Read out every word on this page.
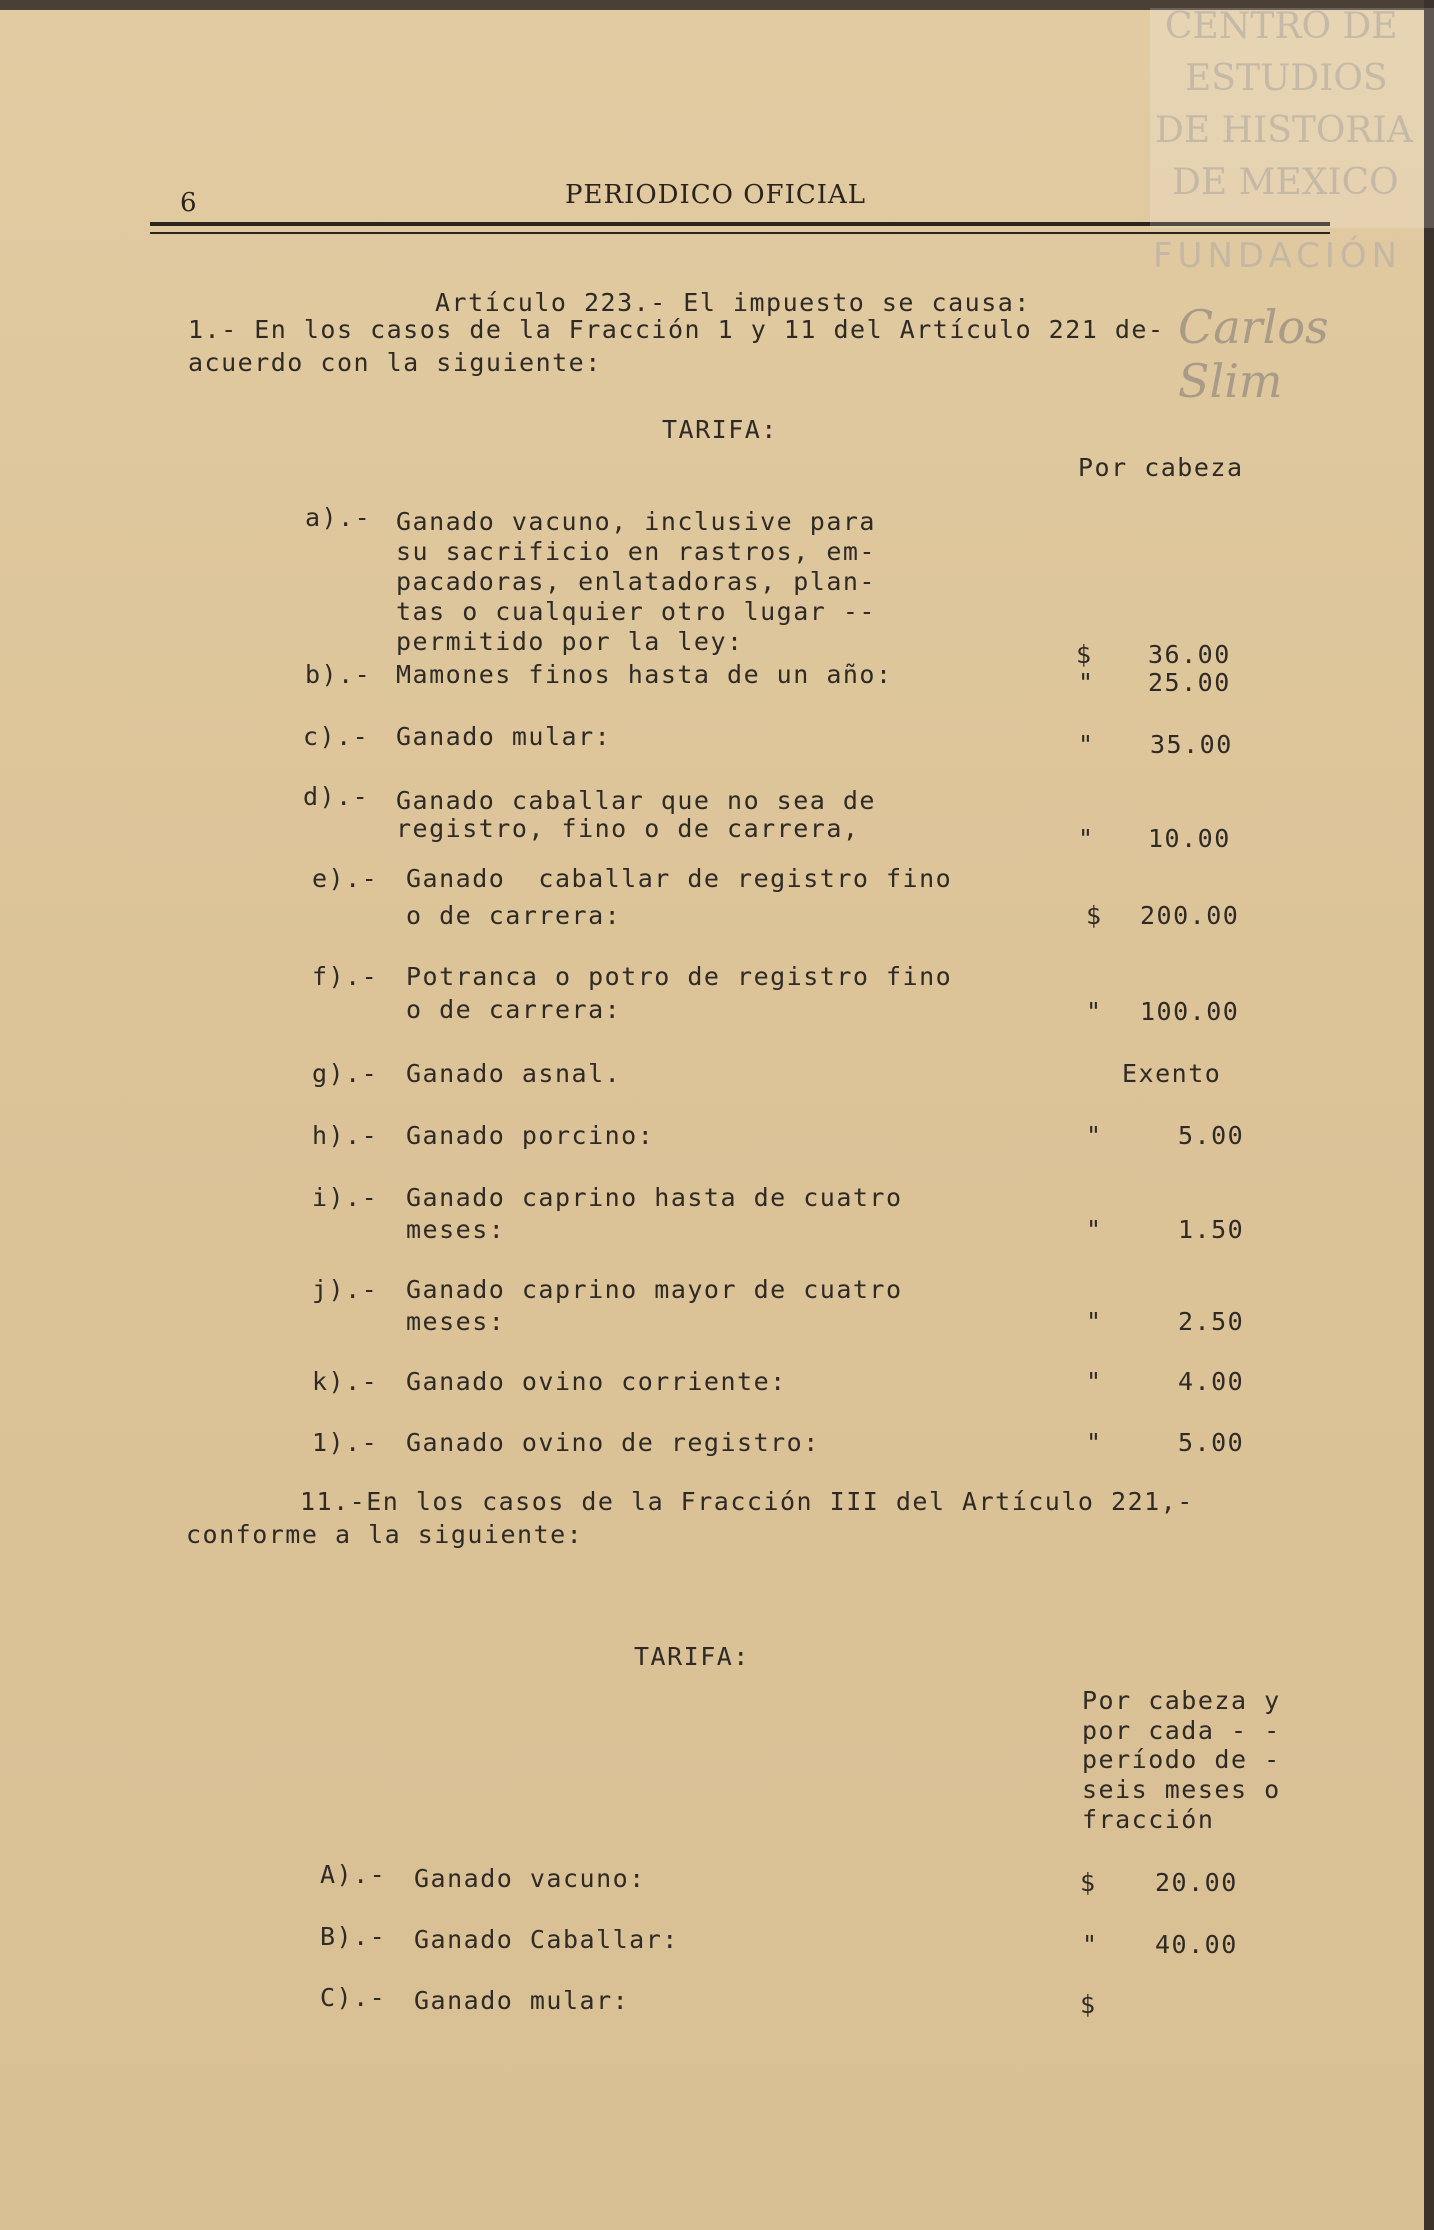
6	PERIODICO OFICIAL
CENTRO DE
ESTUDIOS
DE HISTORIA
DE MEXICO
FUNDACIÓN
Carlos Slim
Artículo 223.- El impuesto se causa:
1.- En los casos de la Fracción 1 y 11 del Artículo 221 de-
acuerdo con la siguiente:
TARIFA:
Por cabeza
a).- Ganado vacuno, inclusive para
su sacrificio en rastros, em-
pacadoras, enlatadoras, plan-
tas o cualquier otro lugar --
permitido por la ley:	$ 36.00
b).- Mamones finos hasta de un año:	" 25.00
c).- Ganado mular:	" 35.00
d).- Ganado caballar que no sea de
registro, fino o de carrera,	" 10.00
e).- Ganado  caballar de registro fino
o de carrera:	$ 200.00
f).- Potranca o potro de registro fino
o de carrera:	" 100.00
g).- Ganado asnal.	Exento
h).- Ganado porcino:	"	5.00
i).- Ganado caprino hasta de cuatro
meses:	"	1.50
j).- Ganado caprino mayor de cuatro
meses:	"	2.50
k).- Ganado ovino corriente:	"	4.00
1).- Ganado ovino de registro:	"	5.00
11.-En los casos de la Fracción III del Artículo 221,-
conforme a la siguiente:
TARIFA:
Por cabeza y
por cada - -
período de -
seis meses o
fracción
A).- Ganado vacuno:	$ 20.00
B).- Ganado Caballar:	" 40.00
C).- Ganado mular:	$
